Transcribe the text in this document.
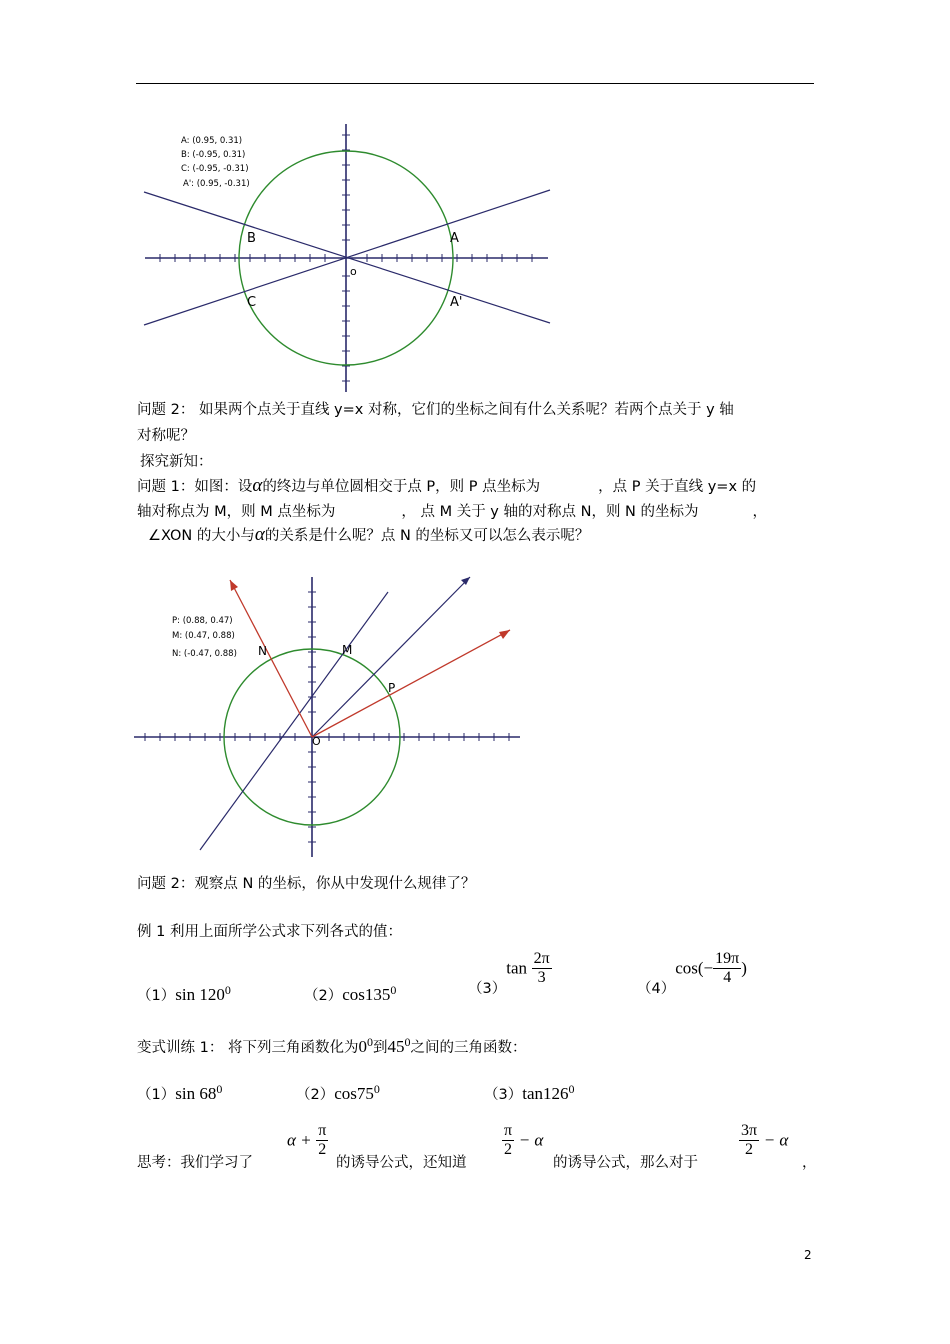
A: (0.95, 0.31)
B: (-0.95, 0.31)
C: (-0.95, -0.31)
A': (0.95, -0.31)
A
B
C	A'
o
问题 2： 如果两个点关于直线 y=x 对称，它们的坐标之间有什么关系呢？若两个点关于 y 轴
对称呢？
探究新知：
问题 1：如图：设α的终边与单位圆相交于点 P，则 P 点坐标为	，点 P 关于直线 y=x 的
轴对称点为 M，则 M 点坐标为	， 点 M 关于 y 轴的对称点 N，则 N 的坐标为	，
∠XON 的大小与α的关系是什么呢？点 N 的坐标又可以怎么表示呢？
P: (0.88, 0.47)
M: (0.47, 0.88)
N: (-0.47, 0.88) N	M
P
O
问题 2：观察点 N 的坐标，你从中发现什么规律了？
例 1 利用上面所学公式求下列各式的值：
（1）sin $120^0$	$(2)\cos 135^0$	$(3)\tan \frac{2\pi}{3}$
$(4)\cos(- \frac{19\pi}{4}$ )
变式训练 1： 将下列三角函数化为$0^0$到$45^0$之间的三角函数：
（1）sin $68^0$	$(2)\cos 75^0$	$(3)\tan 126^0$
思考：我们学习了
$\alpha + \frac{\pi}{2}$
的诱导公式，还知道
$\frac{\pi}{2} - \alpha$
的诱导公式，那么对于
$\frac{3\pi}{2} - \alpha$
，
2
